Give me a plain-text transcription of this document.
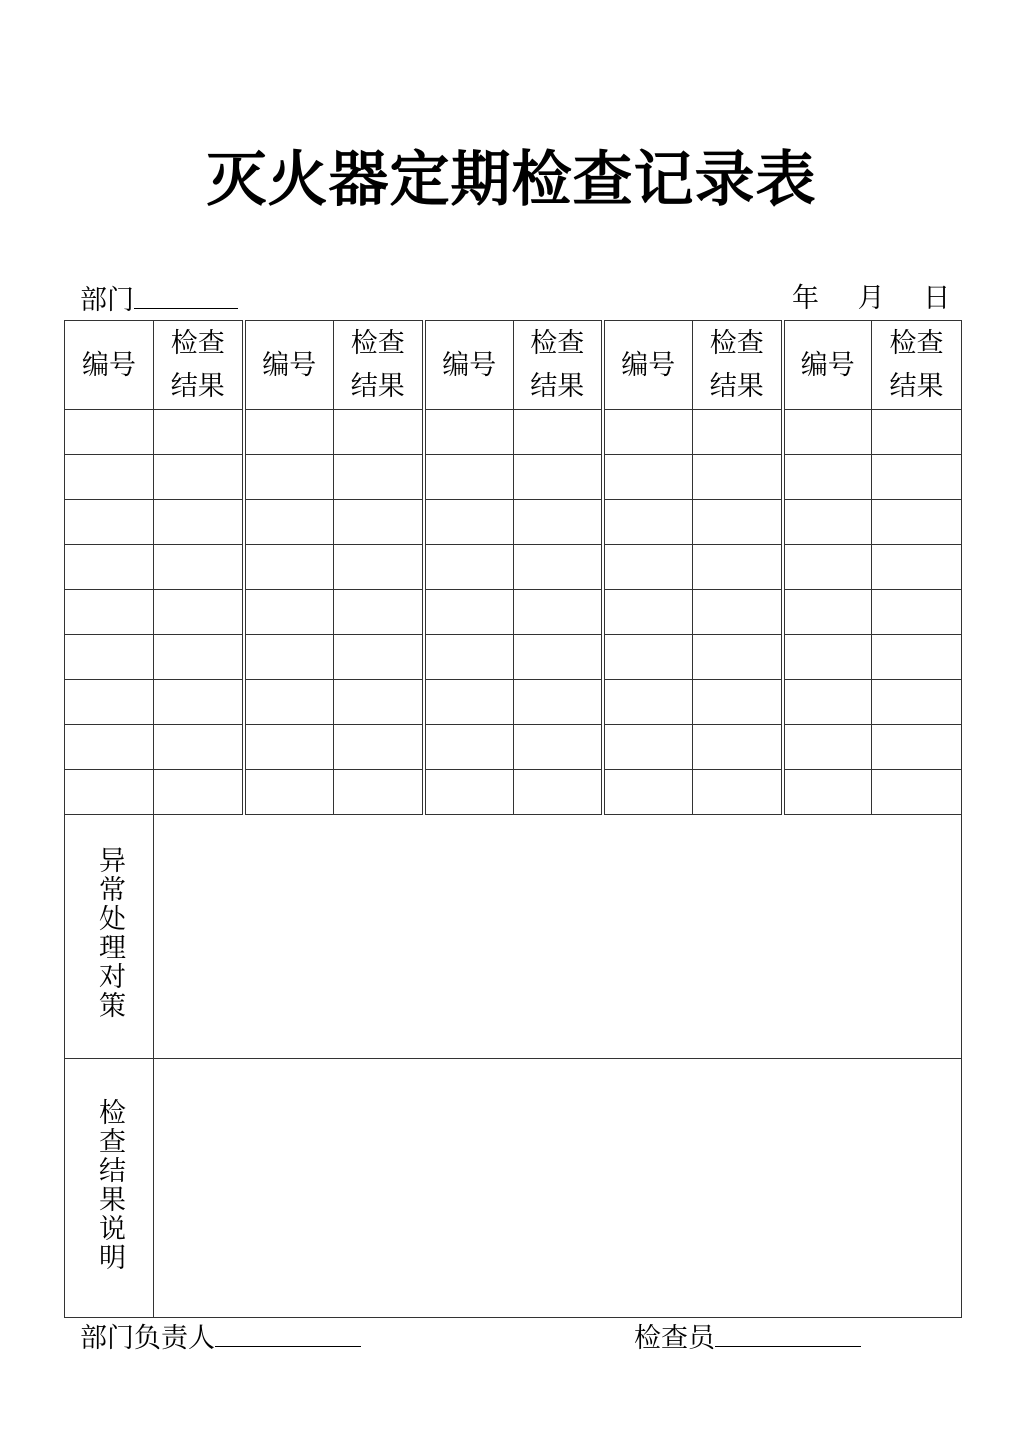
灭火器定期检查记录表
部门	年 月 日
编号	检查
结果	编号	检查
结果	编号	检查
结果	编号	检查
结果	编号	检查
结果

异常处理对策									
检查结果说明									
部门负责人	检查员
